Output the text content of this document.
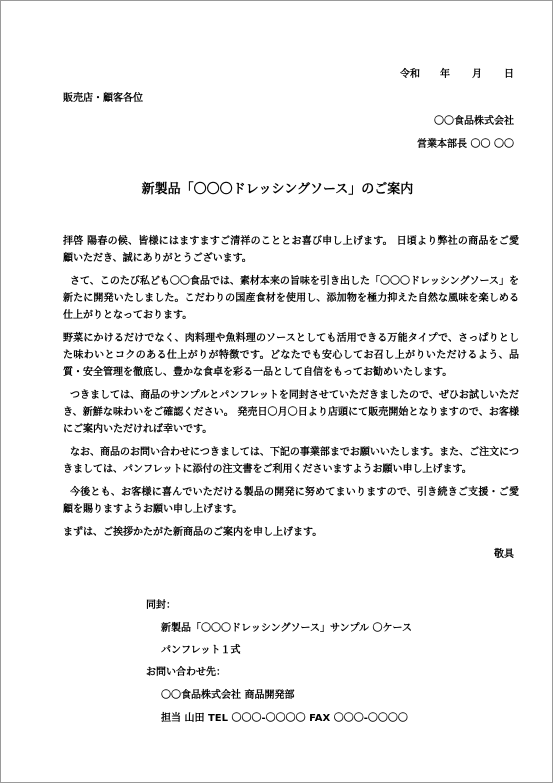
令和 年 月 日
販売店・顧客各位
〇〇食品株式会社
営業本部長 〇〇 〇〇
新製品「〇〇〇ドレッシングソース」のご案内

拝啓 陽春の候、皆様にはますますご清祥のこととお喜び申し上げます。 日頃より弊社の商品をご愛顧いただき、誠にありがとうございます。

さて、このたび私ども〇〇食品では、素材本来の旨味を引き出した「〇〇〇ドレッシングソース」を新たに開発いたしました。こだわりの国産食材を使用し、添加物を極力抑えた自然な風味を楽しめる仕上がりとなっております。

野菜にかけるだけでなく、肉料理や魚料理のソースとしても活用できる万能タイプで、さっぱりとした味わいとコクのある仕上がりが特徴です。どなたでも安心してお召し上がりいただけるよう、品質・安全管理を徹底し、豊かな食卓を彩る一品として自信をもってお勧めいたします。

つきましては、商品のサンプルとパンフレットを同封させていただきましたので、ぜひお試しいただき、新鮮な味わいをご確認ください。 発売日〇月〇日より店頭にて販売開始となりますので、お客様にご案内いただければ幸いです。

なお、商品のお問い合わせにつきましては、下記の事業部までお願いいたします。また、ご注文につきましては、パンフレットに添付の注文書をご利用くださいますようお願い申し上げます。

今後とも、お客様に喜んでいただける製品の開発に努めてまいりますので、引き続きご支援・ご愛顧を賜りますようお願い申し上げます。

まずは、ご挨拶かたがた新商品のご案内を申し上げます。

敬具
同封：
新製品「〇〇〇ドレッシングソース」サンプル 〇ケース
パンフレット１式
お問い合わせ先：
〇〇食品株式会社 商品開発部
担当 山田 TEL 〇〇〇-〇〇〇〇 FAX 〇〇〇-〇〇〇〇
